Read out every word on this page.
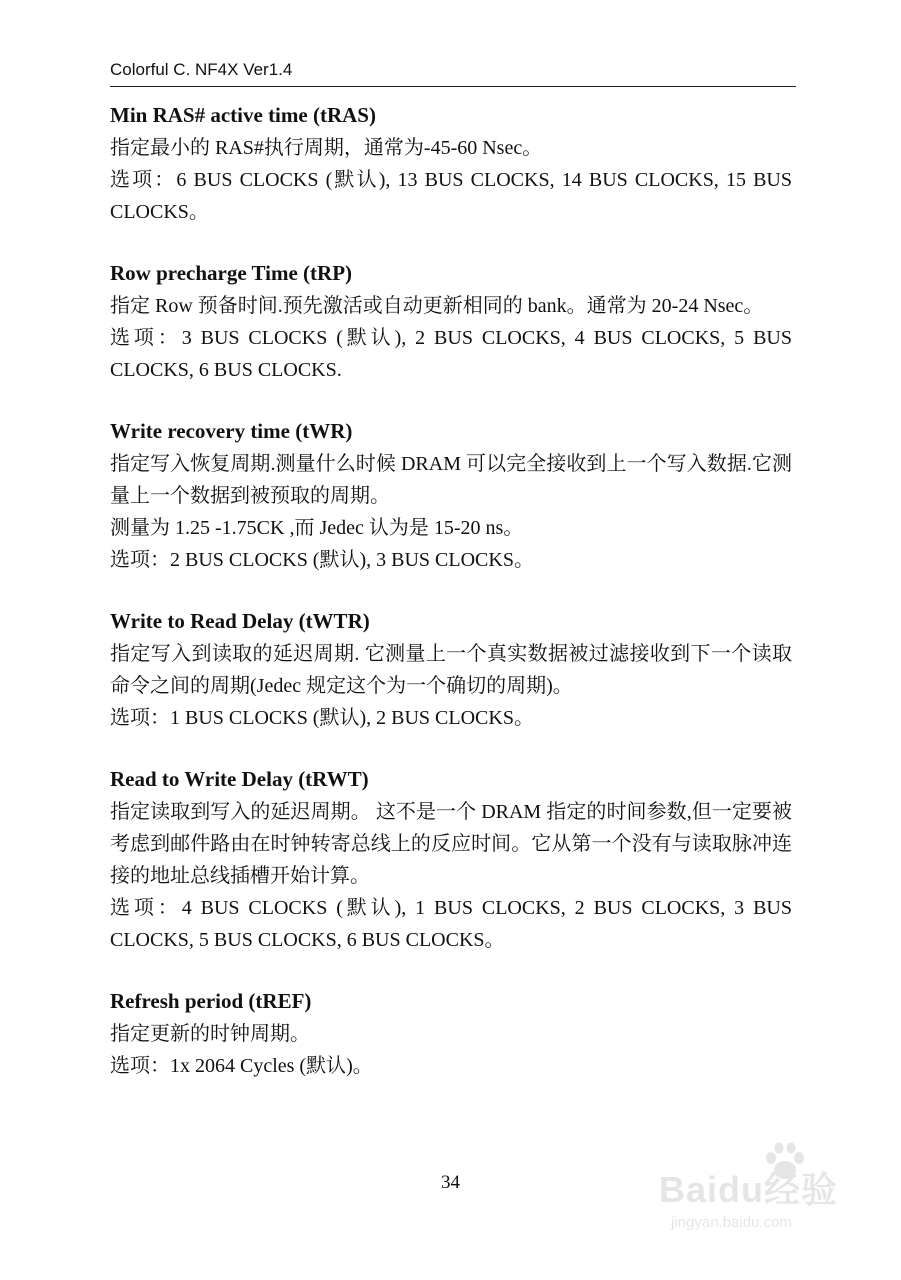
Colorful C. NF4X Ver1.4
Min RAS# active time (tRAS)

指定最小的 RAS#执行周期，通常为-45-60 Nsec。

选项：6 BUS CLOCKS (默认), 13 BUS CLOCKS, 14 BUS CLOCKS, 15 BUS CLOCKS。

Row precharge Time (tRP)

指定 Row 预备时间.预先激活或自动更新相同的 bank。通常为 20-24 Nsec。

选项：3 BUS CLOCKS (默认), 2 BUS CLOCKS, 4 BUS CLOCKS, 5 BUS CLOCKS, 6 BUS CLOCKS.

Write recovery time (tWR)

指定写入恢复周期.测量什么时候 DRAM 可以完全接收到上一个写入数据.它测量上一个数据到被预取的周期。

测量为 1.25 -1.75CK ,而 Jedec 认为是 15-20 ns。

选项：2 BUS CLOCKS (默认), 3 BUS CLOCKS。

Write to Read Delay (tWTR)

指定写入到读取的延迟周期. 它测量上一个真实数据被过滤接收到下一个读取命令之间的周期(Jedec 规定这个为一个确切的周期)。

选项：1 BUS CLOCKS (默认), 2 BUS CLOCKS。

Read to Write Delay (tRWT)

指定读取到写入的延迟周期。 这不是一个 DRAM 指定的时间参数,但一定要被考虑到邮件路由在时钟转寄总线上的反应时间。它从第一个没有与读取脉冲连接的地址总线插槽开始计算。

选项：4 BUS CLOCKS (默认), 1 BUS CLOCKS, 2 BUS CLOCKS, 3 BUS CLOCKS, 5 BUS CLOCKS, 6 BUS CLOCKS。

Refresh period (tREF)

指定更新的时钟周期。

选项：1x 2064 Cycles (默认)。

34	Baidu经验
jingyan.baidu.com
